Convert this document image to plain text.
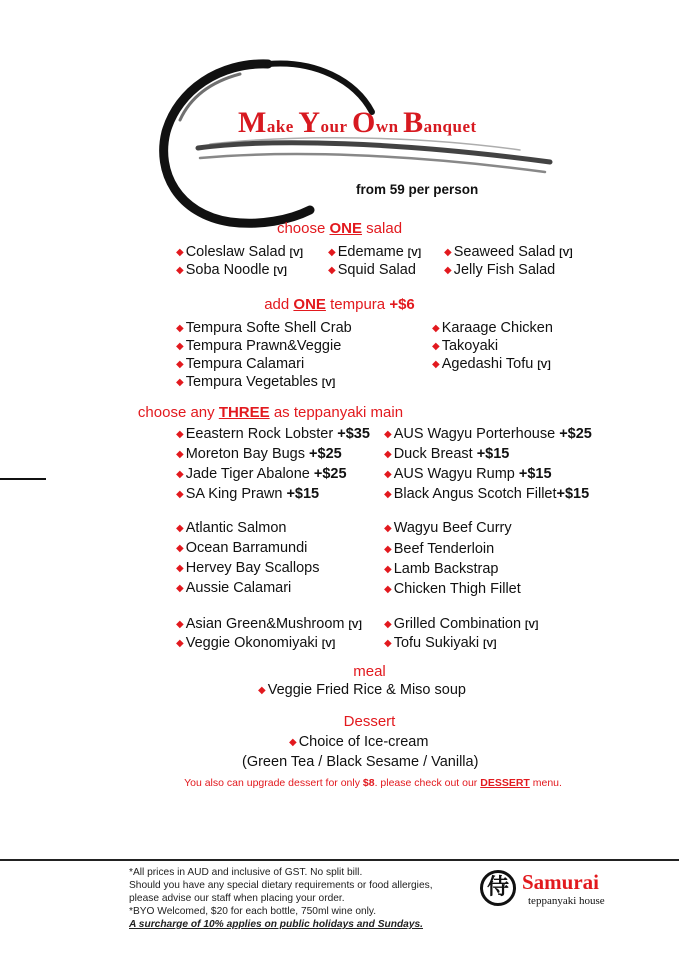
Make Your Own Banquet
from 59 per person
choose ONE salad
◆ Coleslaw Salad [V]	◆ Edemame [V] ◆ Seaweed Salad [V]
◆ Soba Noodle [V]	◆ Squid Salad	◆ Jelly Fish Salad
add ONE tempura +$6
◆ Tempura Softe Shell Crab
◆ Tempura Prawn&Veggie
◆ Tempura Calamari
◆ Tempura Vegetables [V]
◆ Karaage Chicken
◆ Takoyaki
◆ Agedashi Tofu [V]
choose any THREE as teppanyaki main
◆ Eeastern Rock Lobster +$35
◆ Moreton Bay Bugs +$25
◆ Jade Tiger Abalone +$25
◆ SA King Prawn +$15
◆ AUS Wagyu Porterhouse +$25
◆ Duck Breast +$15
◆ AUS Wagyu Rump +$15
◆ Black Angus Scotch Fillet+$15
◆ Atlantic Salmon
◆ Ocean Barramundi
◆ Hervey Bay Scallops
◆ Aussie Calamari
◆ Wagyu Beef Curry
◆ Beef Tenderloin
◆ Lamb Backstrap
◆ Chicken Thigh Fillet
◆ Asian Green&Mushroom [V]
◆ Veggie Okonomiyaki [V]
◆ Grilled Combination [V]
◆ Tofu Sukiyaki [V]
meal
◆ Veggie Fried Rice & Miso soup
Dessert
◆ Choice of Ice-cream
(Green Tea / Black Sesame / Vanilla)
You also can upgrade dessert for only $8. please check out our DESSERT menu.
*All prices in AUD and inclusive of GST. No split bill.
Should you have any special dietary requirements or food allergies,
please advise our staff when placing your order.
*BYO Welcomed, $20 for each bottle, 750ml wine only.
A surcharge of 10% applies on public holidays and Sundays.
侍 Samurai
teppanyaki house
